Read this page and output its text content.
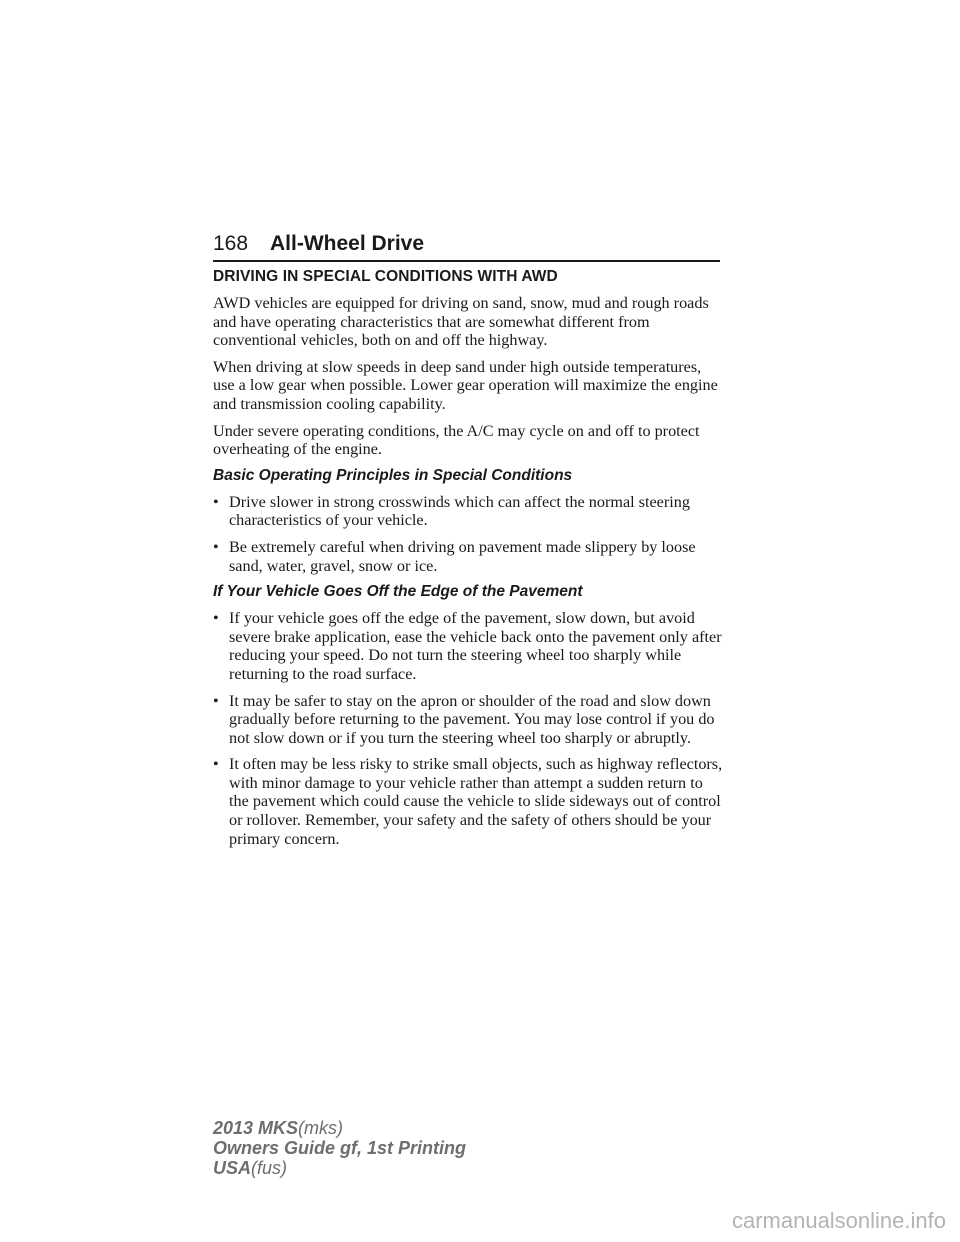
168 All-Wheel Drive
DRIVING IN SPECIAL CONDITIONS WITH AWD

AWD vehicles are equipped for driving on sand, snow, mud and rough roads and have operating characteristics that are somewhat different from conventional vehicles, both on and off the highway.

When driving at slow speeds in deep sand under high outside temperatures, use a low gear when possible. Lower gear operation will maximize the engine and transmission cooling capability.

Under severe operating conditions, the A/C may cycle on and off to protect overheating of the engine.

Basic Operating Principles in Special Conditions
• Drive slower in strong crosswinds which can affect the normal steering characteristics of your vehicle.
• Be extremely careful when driving on pavement made slippery by loose sand, water, gravel, snow or ice.
If Your Vehicle Goes Off the Edge of the Pavement
• If your vehicle goes off the edge of the pavement, slow down, but avoid severe brake application, ease the vehicle back onto the pavement only after reducing your speed. Do not turn the steering wheel too sharply while returning to the road surface.
• It may be safer to stay on the apron or shoulder of the road and slow down gradually before returning to the pavement. You may lose control if you do not slow down or if you turn the steering wheel too sharply or abruptly.
• It often may be less risky to strike small objects, such as highway reflectors, with minor damage to your vehicle rather than attempt a sudden return to the pavement which could cause the vehicle to slide sideways out of control or rollover. Remember, your safety and the safety of others should be your primary concern.
2013 MKS(mks)
Owners Guide gf, 1st Printing
USA(fus)
carmanualsonline.info
